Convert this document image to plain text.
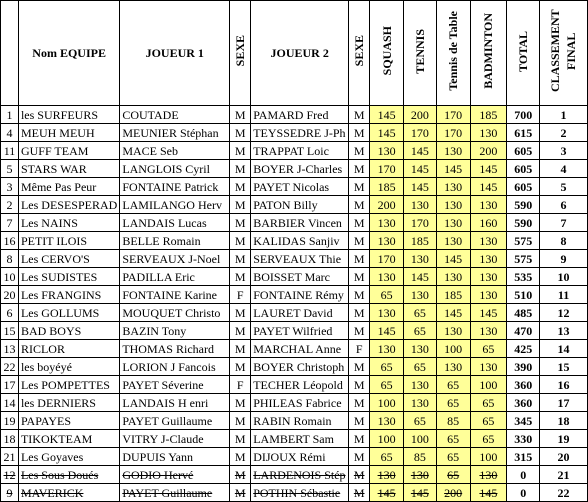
	Nom EQUIPE	JOUEUR 1	SEXE	JOUEUR 2	SEXE	SQUASH	TENNIS	Tennis de Table	BADMINTON	TOTAL	CLASSEMENT FINAL
1	les SURFEURS	COUTADE	M	PAMARD Fred	M	145	200	170	185	700	1
4	MEUH MEUH	MEUNIER Stéphan	M	TEYSSEDRE J-Ph	M	145	170	170	130	615	2
11	GUFF TEAM	MACE Seb	M	TRAPPAT Loic	M	130	145	130	200	605	3
5	STARS WAR	LANGLOIS Cyril	M	BOYER J-Charles	M	170	145	145	145	605	4
3	Même Pas Peur	FONTAINE Patrick	M	PAYET Nicolas	M	185	145	130	145	605	5
2	Les DESESPERAD	LAMILANGO Herv	M	PATON Billy	M	200	130	130	130	590	6
7	Les NAINS	LANDAIS Lucas	M	BARBIER Vincen	M	130	170	130	160	590	7
16	PETIT ILOIS	BELLE Romain	M	KALIDAS Sanjiv	M	130	185	130	130	575	8
8	Les CERVO'S	SERVEAUX J-Noel	M	SERVEAUX Thie	M	170	130	145	130	575	9
10	Les SUDISTES	PADILLA Eric	M	BOISSET Marc	M	130	145	130	130	535	10
20	Les FRANGINS	FONTAINE Karine	F	FONTAINE Rémy	M	65	130	185	130	510	11
6	Les GOLLUMS	MOUQUET Christo	M	LAURET David	M	130	65	145	145	485	12
15	BAD BOYS	BAZIN Tony	M	PAYET Wilfried	M	145	65	130	130	470	13
13	RICLOR	THOMAS Richard	M	MARCHAL Anne	F	130	130	100	65	425	14
22	les boyéyé	LORION J Fancois	M	BOYER Christoph	M	65	65	130	130	390	15
17	Les POMPETTES	PAYET Séverine	F	TECHER Léopold	M	65	130	65	100	360	16
14	les DERNIERS	LANDAIS H enri	M	PHILEAS Fabrice	M	100	130	65	65	360	17
19	PAPAYES	PAYET Guillaume	M	RABIN Romain	M	130	65	85	65	345	18
18	TIKOKTEAM	VITRY J-Claude	M	LAMBERT Sam	M	100	100	65	65	330	19
21	Les Goyaves	DUPUIS Yann	M	DIJOUX Rémi	M	65	85	65	100	315	20
12	Les Sous Doués	GODIO Hervé	M	LARDENOIS Stép	M	130	130	65	130	0	21
9	MAVERICK	PAYET Guillaume	M	POTHIN Sébastie	M	145	145	200	145	0	22
